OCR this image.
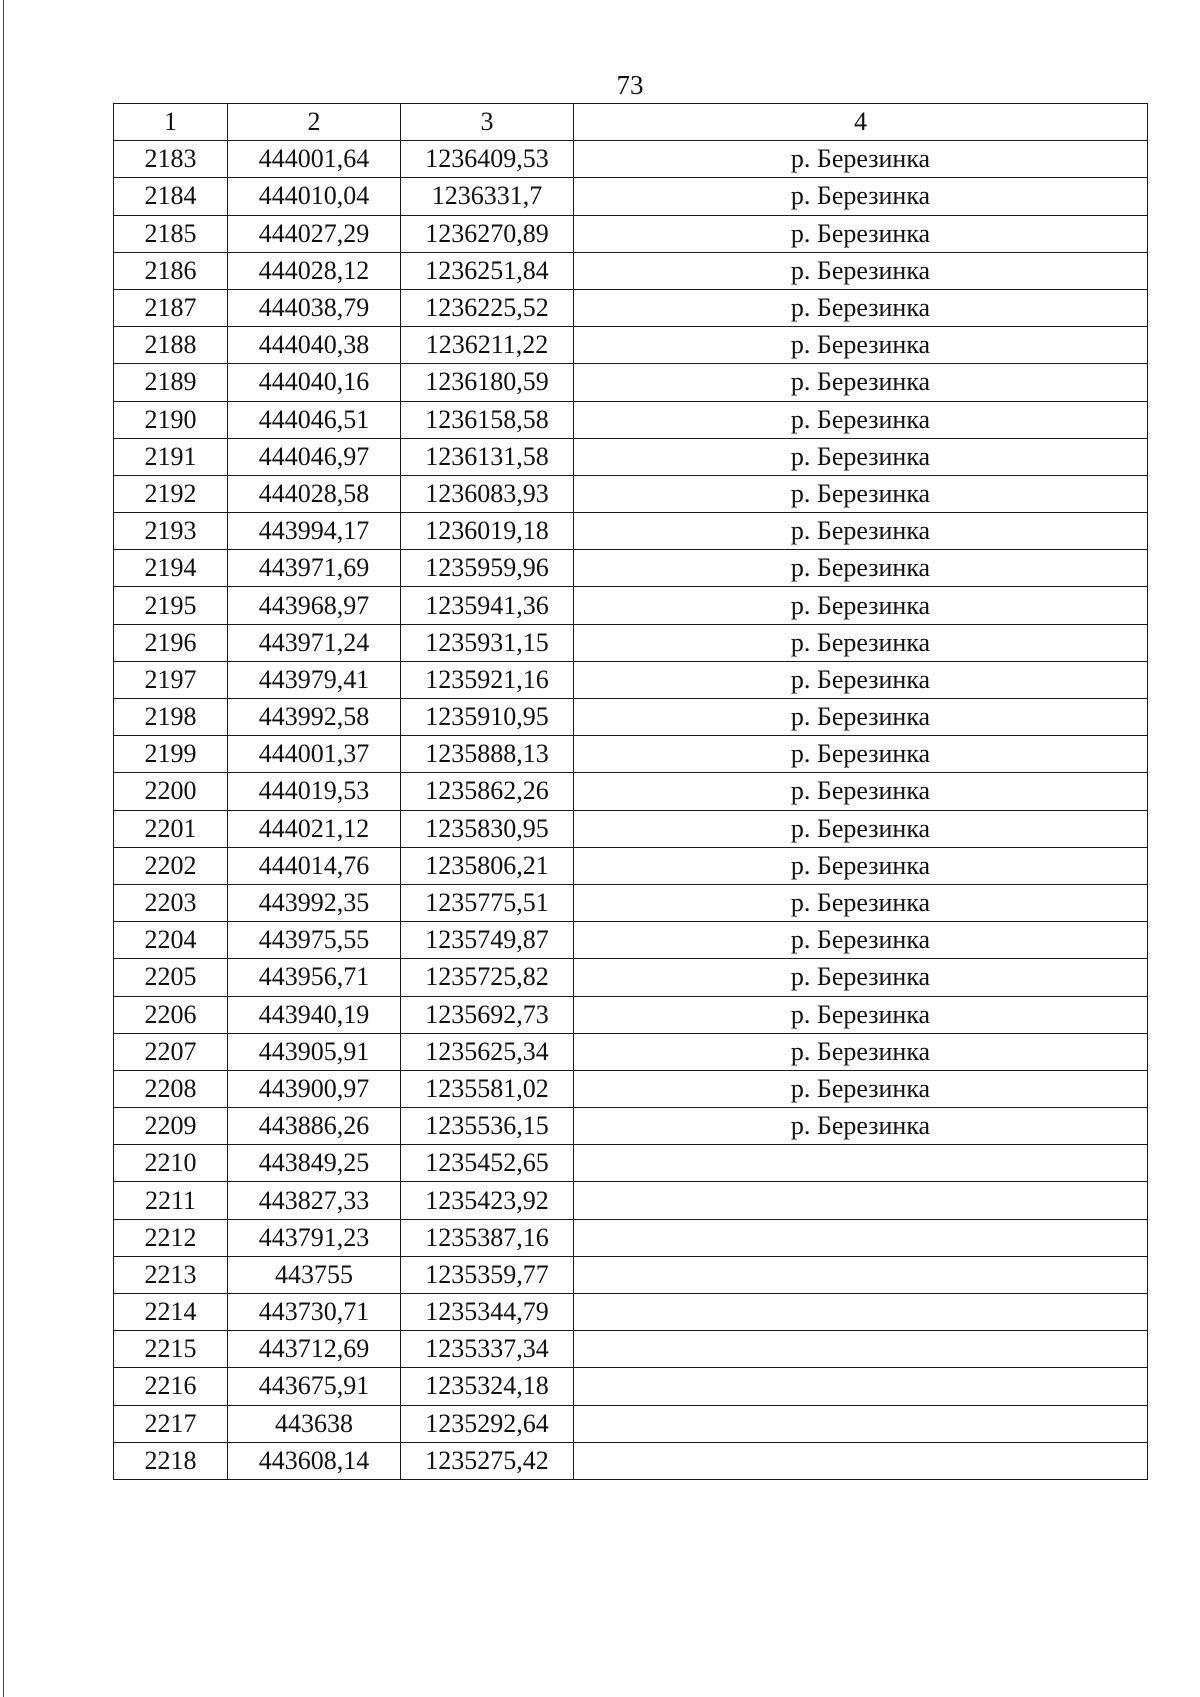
73
1	2	3	4
2183	444001,64	1236409,53	р. Березинка
2184	444010,04	1236331,7	р. Березинка
2185	444027,29	1236270,89	р. Березинка
2186	444028,12	1236251,84	р. Березинка
2187	444038,79	1236225,52	р. Березинка
2188	444040,38	1236211,22	р. Березинка
2189	444040,16	1236180,59	р. Березинка
2190	444046,51	1236158,58	р. Березинка
2191	444046,97	1236131,58	р. Березинка
2192	444028,58	1236083,93	р. Березинка
2193	443994,17	1236019,18	р. Березинка
2194	443971,69	1235959,96	р. Березинка
2195	443968,97	1235941,36	р. Березинка
2196	443971,24	1235931,15	р. Березинка
2197	443979,41	1235921,16	р. Березинка
2198	443992,58	1235910,95	р. Березинка
2199	444001,37	1235888,13	р. Березинка
2200	444019,53	1235862,26	р. Березинка
2201	444021,12	1235830,95	р. Березинка
2202	444014,76	1235806,21	р. Березинка
2203	443992,35	1235775,51	р. Березинка
2204	443975,55	1235749,87	р. Березинка
2205	443956,71	1235725,82	р. Березинка
2206	443940,19	1235692,73	р. Березинка
2207	443905,91	1235625,34	р. Березинка
2208	443900,97	1235581,02	р. Березинка
2209	443886,26	1235536,15	р. Березинка
2210	443849,25	1235452,65	
2211	443827,33	1235423,92	
2212	443791,23	1235387,16	
2213	443755	1235359,77	
2214	443730,71	1235344,79	
2215	443712,69	1235337,34	
2216	443675,91	1235324,18	
2217	443638	1235292,64	
2218	443608,14	1235275,42	
